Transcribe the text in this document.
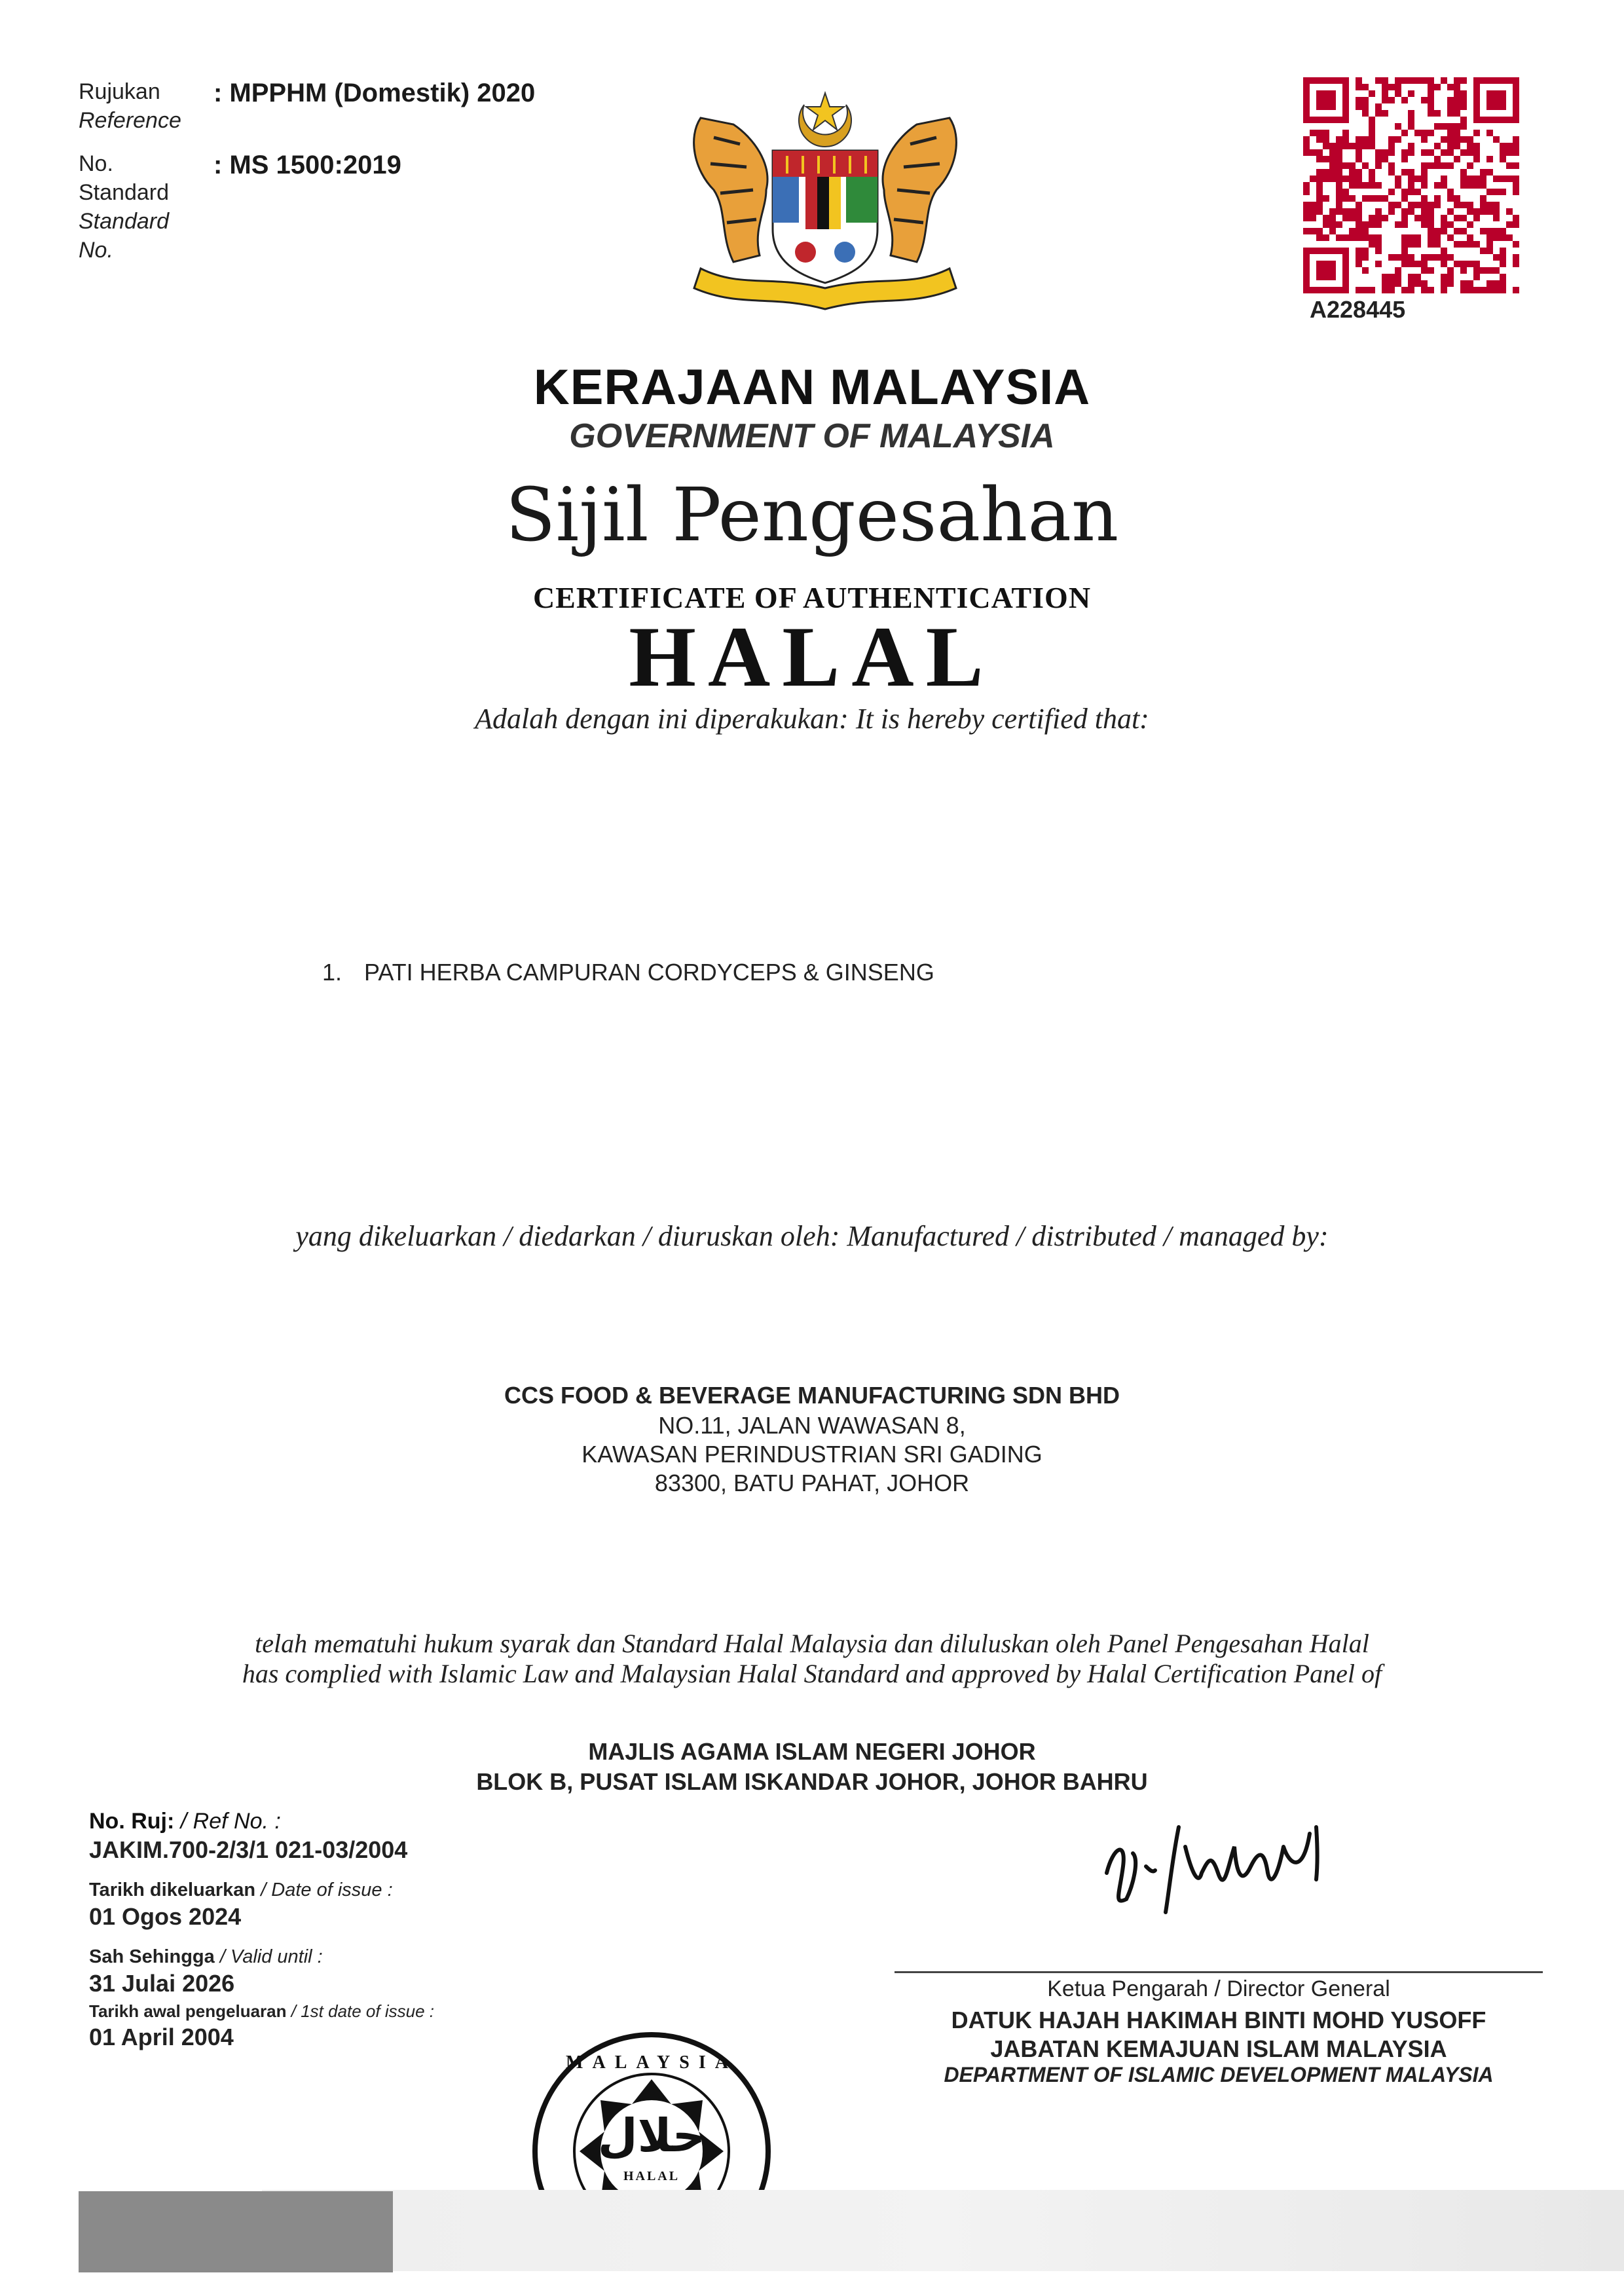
Rujukan
Reference
: MPPHM (Domestik) 2020
No.
Standard
Standard
No.
: MS 1500:2019
A228445
KERAJAAN MALAYSIA
GOVERNMENT OF MALAYSIA
Sijil Pengesahan
CERTIFICATE OF AUTHENTICATION
HALAL
Adalah dengan ini diperakukan: It is hereby certified that:
1. PATI HERBA CAMPURAN CORDYCEPS & GINSENG
yang dikeluarkan / diedarkan / diuruskan oleh: Manufactured / distributed / managed by:
CCS FOOD & BEVERAGE MANUFACTURING SDN BHD
NO.11, JALAN WAWASAN 8,
KAWASAN PERINDUSTRIAN SRI GADING
83300, BATU PAHAT, JOHOR
telah mematuhi hukum syarak dan Standard Halal Malaysia dan diluluskan oleh Panel Pengesahan Halal
has complied with Islamic Law and Malaysian Halal Standard and approved by Halal Certification Panel of
MAJLIS AGAMA ISLAM NEGERI JOHOR
BLOK B, PUSAT ISLAM ISKANDAR JOHOR, JOHOR BAHRU
No. Ruj: / Ref No. :
JAKIM.700-2/3/1 021-03/2004
Tarikh dikeluarkan / Date of issue :
01 Ogos 2024
Sah Sehingga / Valid until :
31 Julai 2026
Tarikh awal pengeluaran / 1st date of issue :
01 April 2004
Ketua Pengarah / Director General
DATUK HAJAH HAKIMAH BINTI MOHD YUSOFF
JABATAN KEMAJUAN ISLAM MALAYSIA
DEPARTMENT OF ISLAMIC DEVELOPMENT MALAYSIA
حلال
HALAL
MALAYSIA
